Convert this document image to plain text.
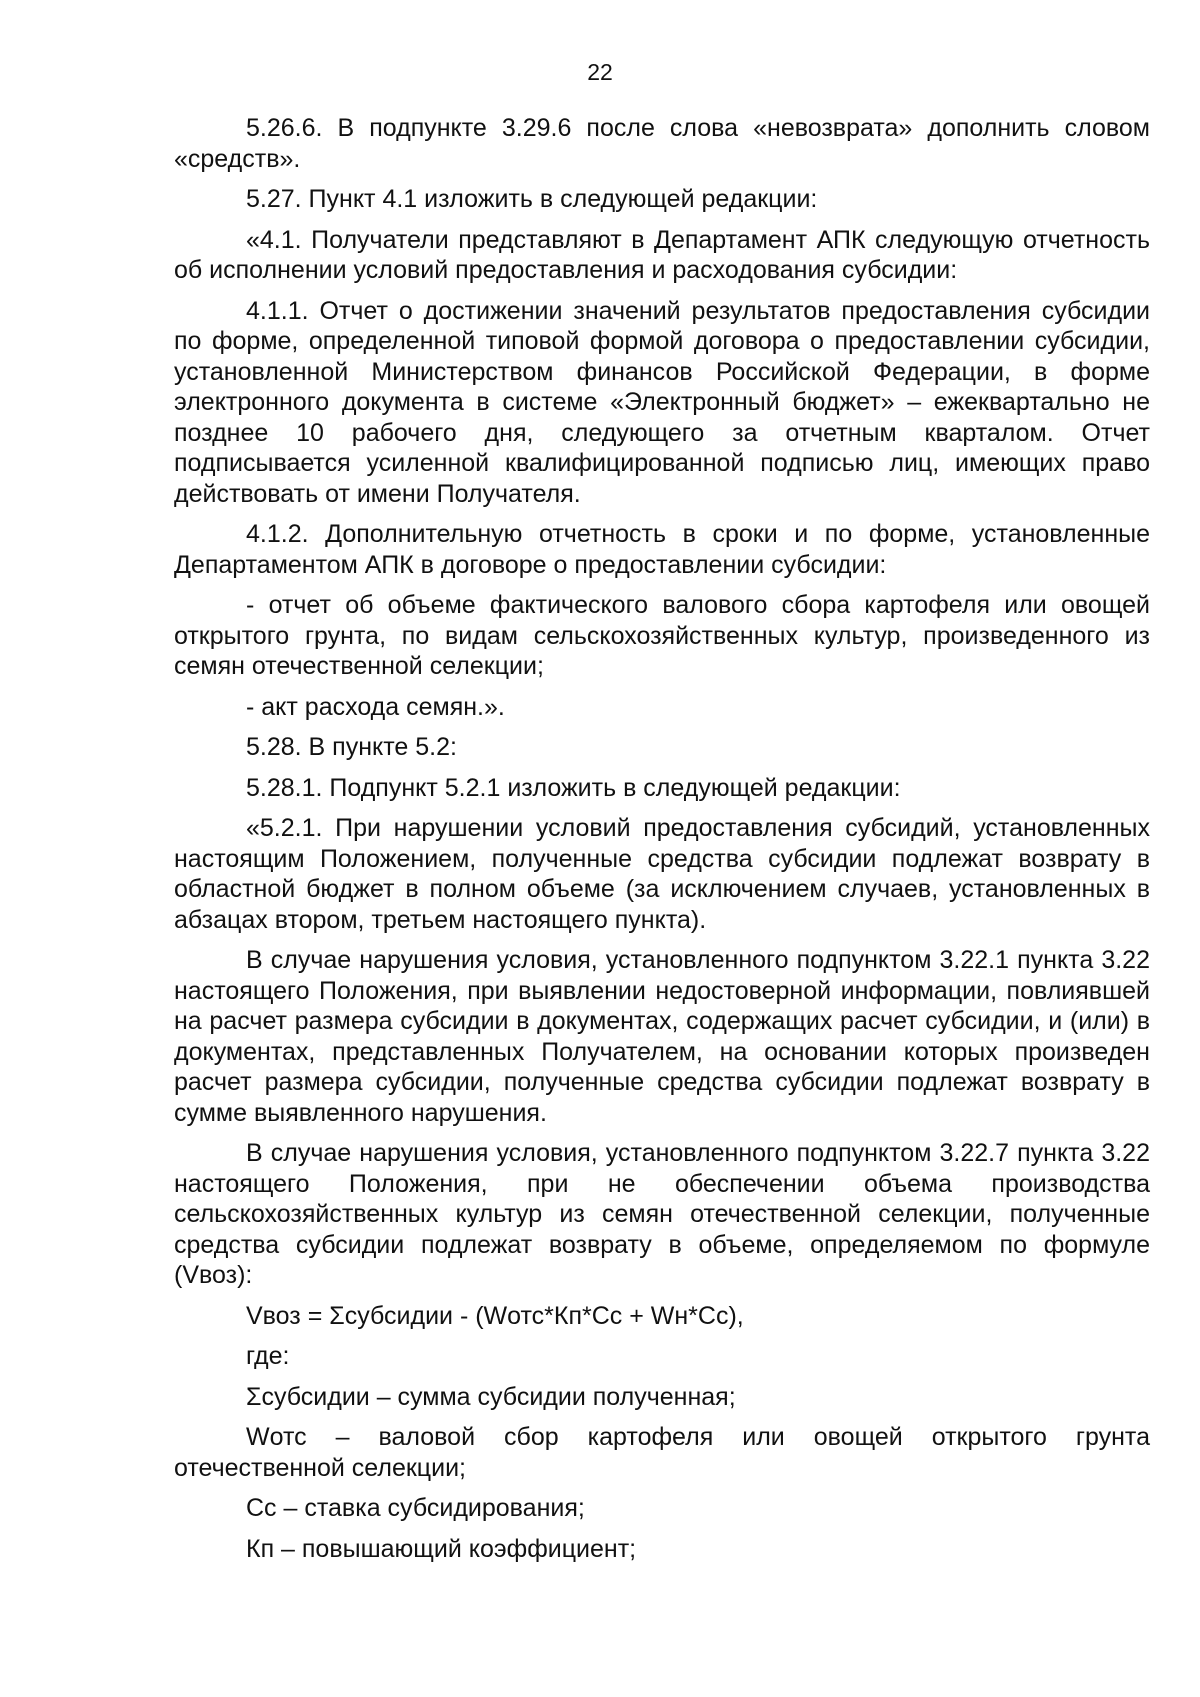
22

5.26.6. В подпункте 3.29.6 после слова «невозврата» дополнить словом «средств».

5.27. Пункт 4.1 изложить в следующей редакции:

«4.1. Получатели представляют в Департамент АПК следующую отчетность об исполнении условий предоставления и расходования субсидии:

4.1.1. Отчет о достижении значений результатов предоставления субсидии по форме, определенной типовой формой договора о предоставлении субсидии, установленной Министерством финансов Российской Федерации, в форме электронного документа в системе «Электронный бюджет» – ежеквартально не позднее 10 рабочего дня, следующего за отчетным кварталом. Отчет подписывается усиленной квалифицированной подписью лиц, имеющих право действовать от имени Получателя.

4.1.2. Дополнительную отчетность в сроки и по форме, установленные Департаментом АПК в договоре о предоставлении субсидии:

- отчет об объеме фактического валового сбора картофеля или овощей открытого грунта, по видам сельскохозяйственных культур, произведенного из семян отечественной селекции;

- акт расхода семян.».

5.28. В пункте 5.2:

5.28.1. Подпункт 5.2.1 изложить в следующей редакции:

«5.2.1. При нарушении условий предоставления субсидий, установленных настоящим Положением, полученные средства субсидии подлежат возврату в областной бюджет в полном объеме (за исключением случаев, установленных в абзацах втором, третьем настоящего пункта).

В случае нарушения условия, установленного подпунктом 3.22.1 пункта 3.22 настоящего Положения, при выявлении недостоверной информации, повлиявшей на расчет размера субсидии в документах, содержащих расчет субсидии, и (или) в документах, представленных Получателем, на основании которых произведен расчет размера субсидии, полученные средства субсидии подлежат возврату в сумме выявленного нарушения.

В случае нарушения условия, установленного подпунктом 3.22.7 пункта 3.22 настоящего Положения, при не обеспечении объема производства сельскохозяйственных культур из семян отечественной селекции, полученные средства субсидии подлежат возврату в объеме, определяемом по формуле (Vвоз):

Vвоз = Σсубсидии - (Wотс*Кп*Сс + Wн*Сс),

где:

Σсубсидии – сумма субсидии полученная;

Wотс – валовой сбор картофеля или овощей открытого грунта отечественной селекции;

Сс – ставка субсидирования;

Кп – повышающий коэффициент;
